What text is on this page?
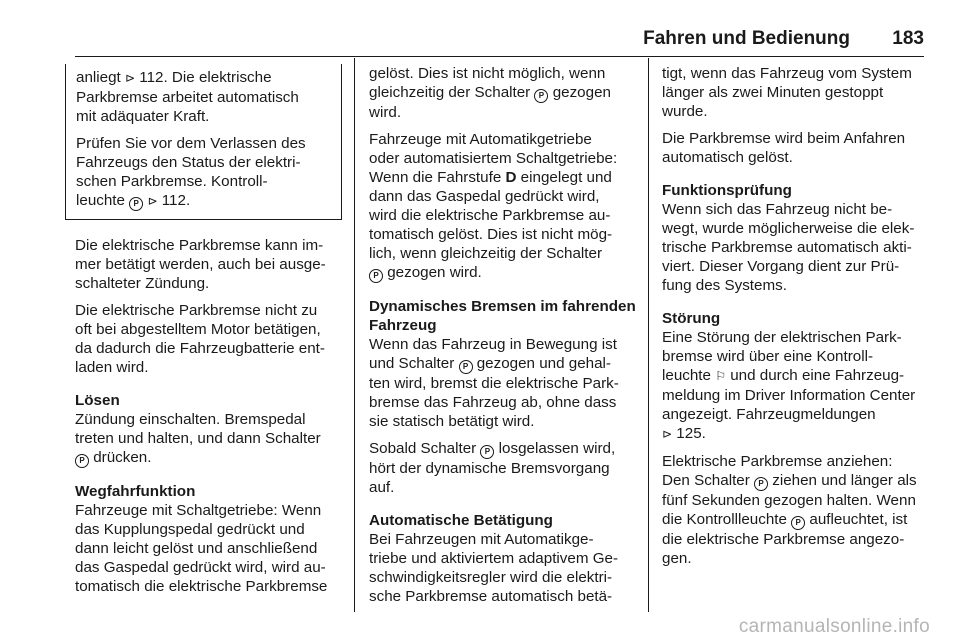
Fahren und Bedienung 183

anliegt ⊳ 112. Die elektrische
Parkbremse arbeitet automatisch
mit adäquater Kraft.

Prüfen Sie vor dem Verlassen des
Fahrzeugs den Status der elektri-
schen Parkbremse. Kontroll-
leuchte P ⊳ 112.

Die elektrische Parkbremse kann im-
mer betätigt werden, auch bei ausge-
schalteter Zündung.

Die elektrische Parkbremse nicht zu
oft bei abgestelltem Motor betätigen,
da dadurch die Fahrzeugbatterie ent-
laden wird.

Lösen
Zündung einschalten. Bremspedal
treten und halten, und dann Schalter
P drücken.

Wegfahrfunktion
Fahrzeuge mit Schaltgetriebe: Wenn
das Kupplungspedal gedrückt und
dann leicht gelöst und anschließend
das Gaspedal gedrückt wird, wird au-
tomatisch die elektrische Parkbremse

gelöst. Dies ist nicht möglich, wenn
gleichzeitig der Schalter P gezogen
wird.

Fahrzeuge mit Automatikgetriebe
oder automatisiertem Schaltgetriebe:
Wenn die Fahrstufe D eingelegt und
dann das Gaspedal gedrückt wird,
wird die elektrische Parkbremse au-
tomatisch gelöst. Dies ist nicht mög-
lich, wenn gleichzeitig der Schalter
P gezogen wird.

Dynamisches Bremsen im fahrenden
Fahrzeug
Wenn das Fahrzeug in Bewegung ist
und Schalter P gezogen und gehal-
ten wird, bremst die elektrische Park-
bremse das Fahrzeug ab, ohne dass
sie statisch betätigt wird.

Sobald Schalter P losgelassen wird,
hört der dynamische Bremsvorgang
auf.

Automatische Betätigung
Bei Fahrzeugen mit Automatikge-
triebe und aktiviertem adaptivem Ge-
schwindigkeitsregler wird die elektri-
sche Parkbremse automatisch betä-

tigt, wenn das Fahrzeug vom System
länger als zwei Minuten gestoppt
wurde.

Die Parkbremse wird beim Anfahren
automatisch gelöst.

Funktionsprüfung
Wenn sich das Fahrzeug nicht be-
wegt, wurde möglicherweise die elek-
trische Parkbremse automatisch akti-
viert. Dieser Vorgang dient zur Prü-
fung des Systems.

Störung
Eine Störung der elektrischen Park-
bremse wird über eine Kontroll-
leuchte ⚐ und durch eine Fahrzeug-
meldung im Driver Information Center
angezeigt. Fahrzeugmeldungen
⊳ 125.

Elektrische Parkbremse anziehen:
Den Schalter P ziehen und länger als
fünf Sekunden gezogen halten. Wenn
die Kontrollleuchte P aufleuchtet, ist
die elektrische Parkbremse angezo-
gen.

carmanualsonline.info
